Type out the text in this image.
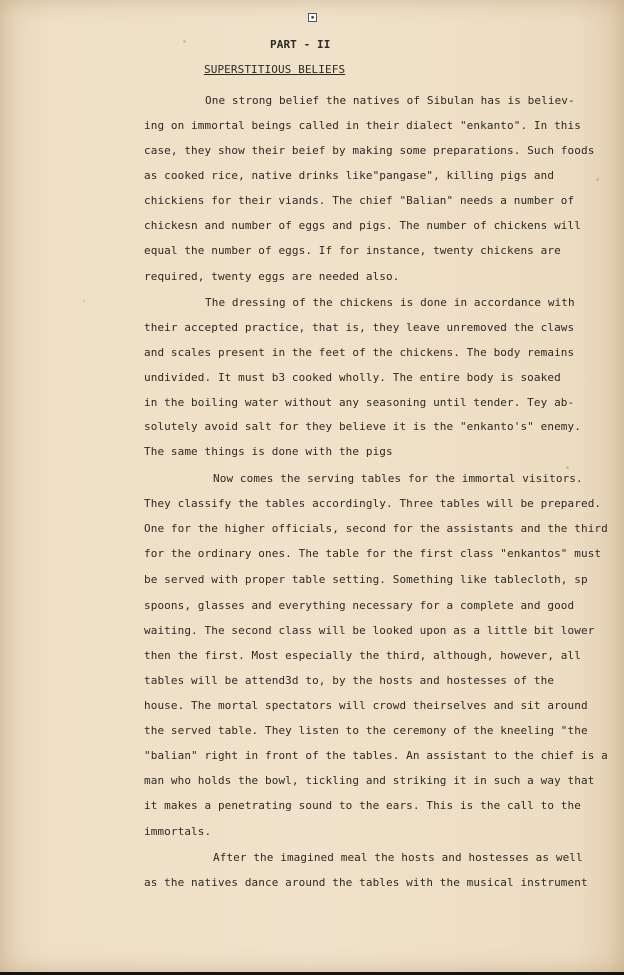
▪
PART - II
SUPERSTITIOUS BELIEFS
One strong belief the natives of Sibulan has is believ-
ing on immortal beings called in their dialect "enkanto". In this
case, they show their beief by making some preparations. Such foods
as cooked rice, native drinks like"pangase", killing pigs and
chickiens for their viands. The chief "Balian" needs a number of
chickesn and number of eggs and pigs. The number of chickens will
equal the number of eggs. If for instance, twenty chickens are
required, twenty eggs are needed also.
The dressing of the chickens is done in accordance with
their accepted practice, that is, they leave unremoved the claws
and scales present in the feet of the chickens. The body remains
undivided. It must b3 cooked wholly. The entire body is soaked
in the boiling water without any seasoning until tender. Tey ab-
solutely avoid salt for they believe it is the "enkanto's" enemy.
The same things is done with the pigs
Now comes the serving tables for the immortal visitors.
They classify the tables accordingly. Three tables will be prepared.
One for the higher officials, second for the assistants and the third
for the ordinary ones. The table for the first class "enkantos" must
be served with proper table setting. Something like tablecloth, sp
spoons, glasses and everything necessary for a complete and good
waiting. The second class will be looked upon as a little bit lower
then the first. Most especially the third, although, however, all
tables will be attend3d to, by the hosts and hostesses of the
house. The mortal spectators will crowd theirselves and sit around
the served table. They listen to the ceremony of the kneeling "the
"balian" right in front of the tables. An assistant to the chief is a
man who holds the bowl, tickling and striking it in such a way that
it makes a penetrating sound to the ears. This is the call to the
immortals.
After the imagined meal the hosts and hostesses as well
as the natives dance around the tables with the musical instrument
